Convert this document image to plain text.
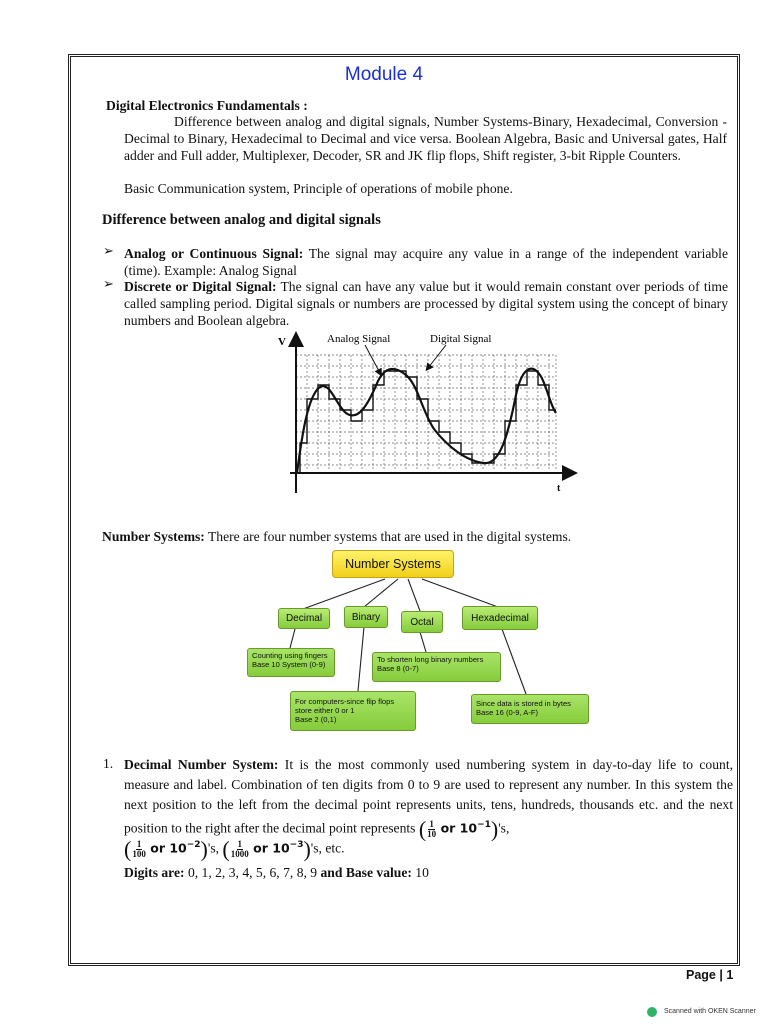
Module 4
Digital Electronics Fundamentals :
Difference between analog and digital signals, Number Systems-Binary, Hexadecimal, Conversion - Decimal to Binary, Hexadecimal to Decimal and vice versa. Boolean Algebra, Basic and Universal gates, Half adder and Full adder, Multiplexer, Decoder, SR and JK flip flops, Shift register, 3-bit Ripple Counters.
Basic Communication system, Principle of operations of mobile phone.
Difference between analog and digital signals
➢ Analog or Continuous Signal: The signal may acquire any value in a range of the independent variable (time). Example: Analog Signal
➢ Discrete or Digital Signal: The signal can have any value but it would remain constant over periods of time called sampling period. Digital signals or numbers are processed by digital system using the concept of binary numbers and Boolean algebra.
V	Analog Signal	Digital Signal
t
Number Systems: There are four number systems that are used in the digital systems.
Number Systems
Decimal	Binary	Octal	Hexadecimal
Counting using fingers
Base 10 System (0-9)
To shorten long binary numbers
Base 8 (0-7)
For computers-since flip flops
store either 0 or 1
Base 2 (0,1)
Since data is stored in bytes
Base 16 (0-9, A-F)
1. Decimal Number System: It is the most commonly used numbering system in day-to-day life to count, measure and label. Combination of ten digits from 0 to 9 are used to represent any number. In this system the next position to the left from the decimal point represents units, tens, hundreds, thousands etc. and the next position to the right after the decimal point represents ( $\frac{1}{10}$ or $10^{-1})'s$,
( $\frac{1}{100}$ or $10^{-2})'s$, ( $\frac{1}{1000}$ or $10^{-3})'s$, etc.
Digits are: 0, 1, 2, 3, 4, 5, 6, 7, 8, 9 and Base value: 10
Page | 1
Scanned with OKEN Scanner
